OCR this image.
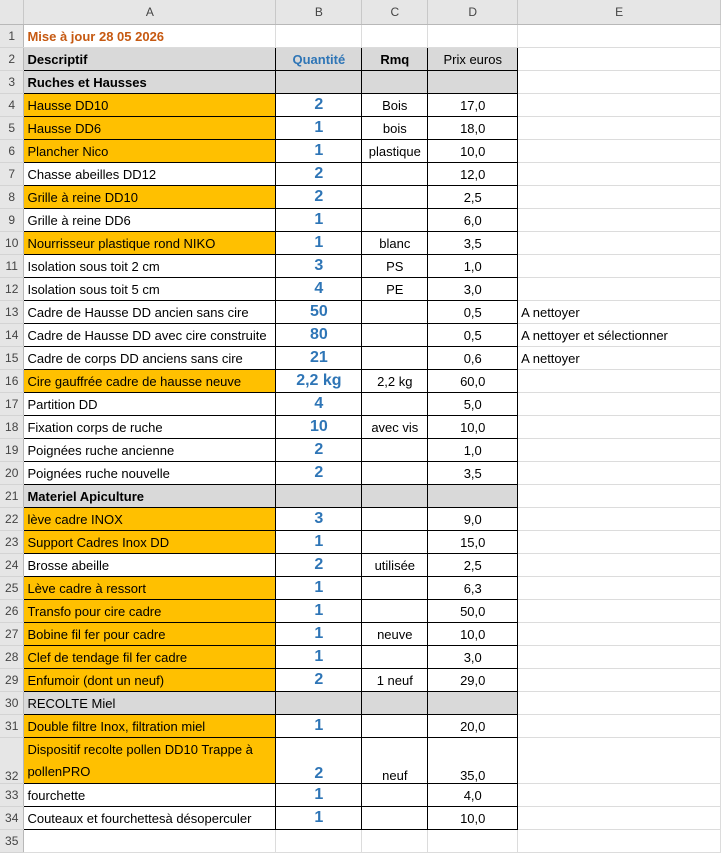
	A	B	C	D	E
1	Mise à jour 28 05 2026				
2	Descriptif	Quantité	Rmq	Prix euros	
3	Ruches et Hausses				
4	Hausse DD10	2	Bois	17,0	
5	Hausse DD6	1	bois	18,0	
6	Plancher Nico	1	plastique	10,0	
7	Chasse abeilles DD12	2		12,0	
8	Grille à reine DD10	2		2,5	
9	Grille à reine DD6	1		6,0	
10	Nourrisseur plastique rond NIKO	1	blanc	3,5	
11	Isolation sous toit 2 cm	3	PS	1,0	
12	Isolation sous toit 5 cm	4	PE	3,0	
13	Cadre de Hausse DD ancien sans cire	50		0,5	A nettoyer
14	Cadre de Hausse DD avec cire construite	80		0,5	A nettoyer et sélectionner
15	Cadre de corps DD anciens sans cire	21		0,6	A nettoyer
16	Cire gauffrée cadre de hausse neuve	2,2 kg	2,2 kg	60,0	
17	Partition DD	4		5,0	
18	Fixation corps de ruche	10	avec vis	10,0	
19	Poignées ruche ancienne	2		1,0	
20	Poignées ruche nouvelle	2		3,5	
21	Materiel Apiculture				
22	lève cadre INOX	3		9,0	
23	Support Cadres Inox DD	1		15,0	
24	Brosse abeille	2	utilisée	2,5	
25	Lève cadre à ressort	1		6,3	
26	Transfo pour cire cadre	1		50,0	
27	Bobine fil fer pour cadre	1	neuve	10,0	
28	Clef de tendage fil fer cadre	1		3,0	
29	Enfumoir (dont un neuf)	2	1 neuf	29,0	
30	RECOLTE Miel				
31	Double filtre Inox, filtration miel	1		20,0	
32	Dispositif recolte pollen DD10 Trappe à pollenPRO	2	neuf	35,0	
33	fourchette	1		4,0	
34	Couteaux et fourchettesà désoperculer	1		10,0	
35					
